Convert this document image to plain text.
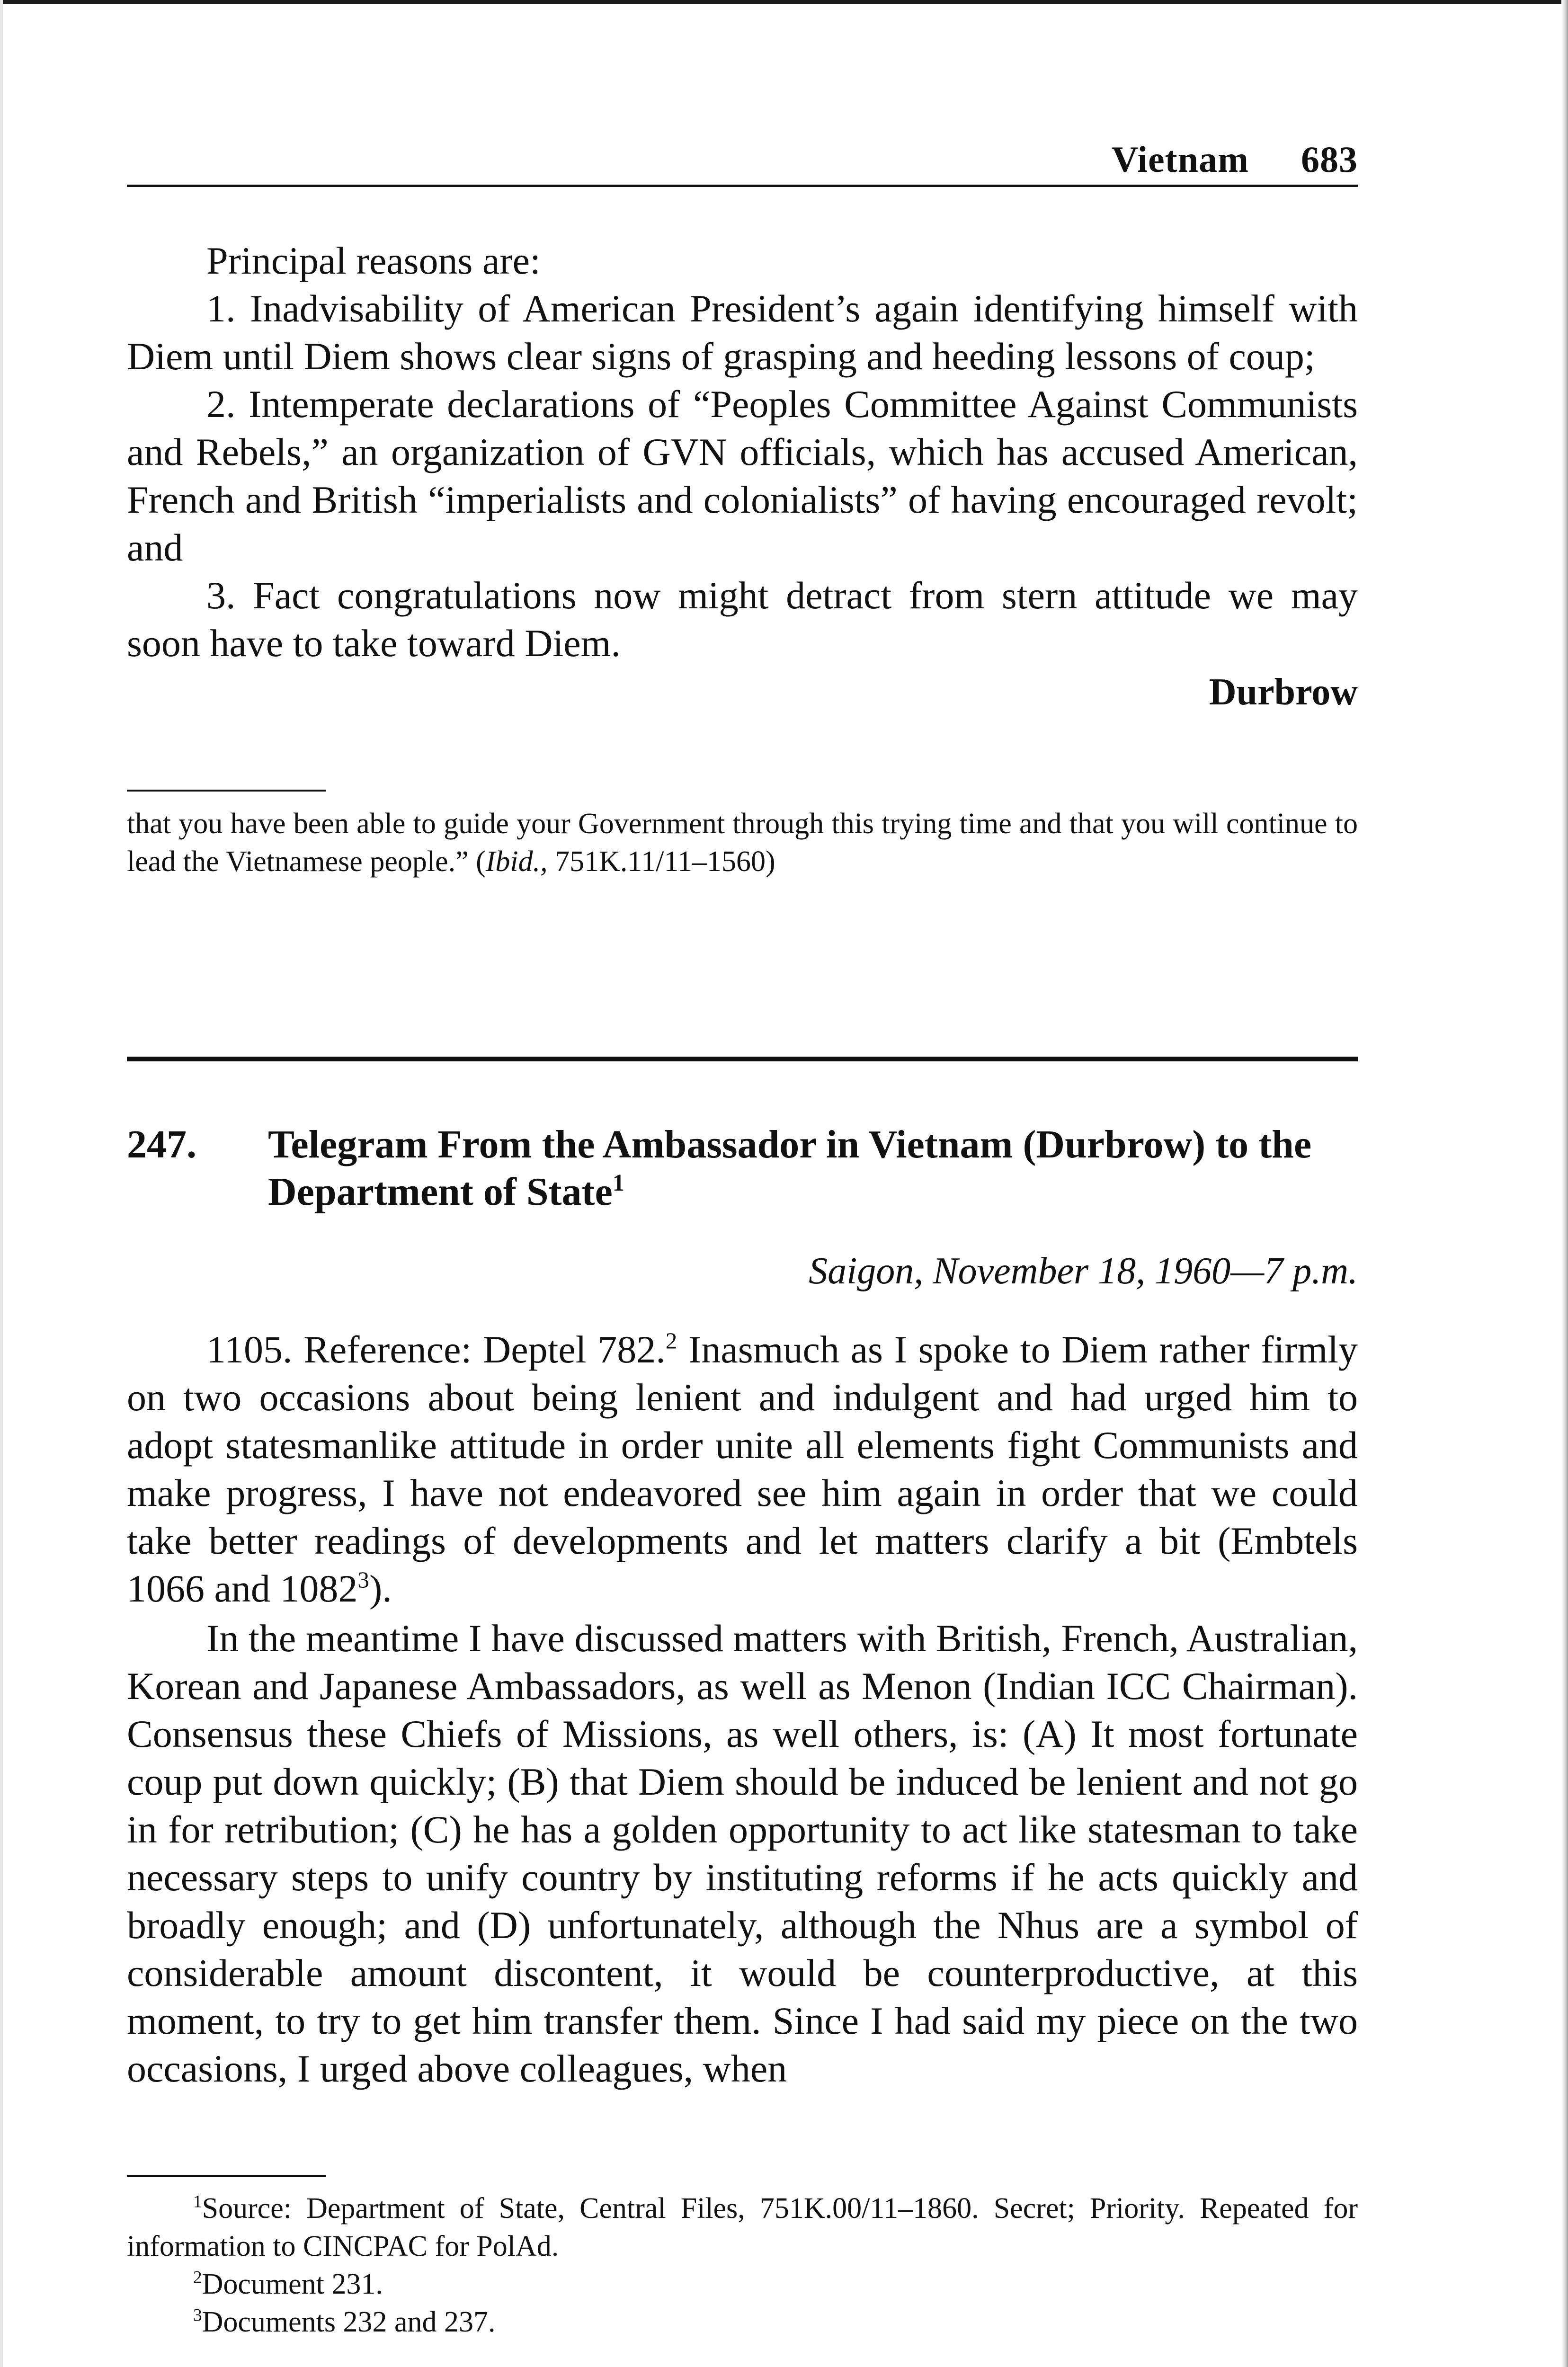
Vietnam 683

Principal reasons are:

1. Inadvisability of American President’s again identifying himself with Diem until Diem shows clear signs of grasping and heeding lessons of coup;

2. Intemperate declarations of “Peoples Committee Against Communists and Rebels,” an organization of GVN officials, which has accused American, French and British “imperialists and colonialists” of having encouraged revolt; and

3. Fact congratulations now might detract from stern attitude we may soon have to take toward Diem.

Durbrow

that you have been able to guide your Government through this trying time and that you will continue to lead the Vietnamese people.” (Ibid., 751K.11/11–1560)

247. Telegram From the Ambassador in Vietnam (Durbrow) to the Department of State$^1$
Saigon, November 18, 1960—7 p.m.

1105. Reference: Deptel 782.$^2$ Inasmuch as I spoke to Diem rather firmly on two occasions about being lenient and indulgent and had urged him to adopt statesmanlike attitude in order unite all elements fight Communists and make progress, I have not endeavored see him again in order that we could take better readings of developments and let matters clarify a bit (Embtels 1066 and 1082$^3$).

In the meantime I have discussed matters with British, French, Australian, Korean and Japanese Ambassadors, as well as Menon (Indian ICC Chairman). Consensus these Chiefs of Missions, as well others, is: (A) It most fortunate coup put down quickly; (B) that Diem should be induced be lenient and not go in for retribution; (C) he has a golden opportunity to act like statesman to take necessary steps to unify country by instituting reforms if he acts quickly and broadly enough; and (D) unfortunately, although the Nhus are a symbol of considerable amount discontent, it would be counterproductive, at this moment, to try to get him transfer them. Since I had said my piece on the two occasions, I urged above colleagues, when

$^1$Source: Department of State, Central Files, 751K.00/11–1860. Secret; Priority. Repeated for information to CINCPAC for PolAd.

$^2$Document 231.

$^3$Documents 232 and 237.
